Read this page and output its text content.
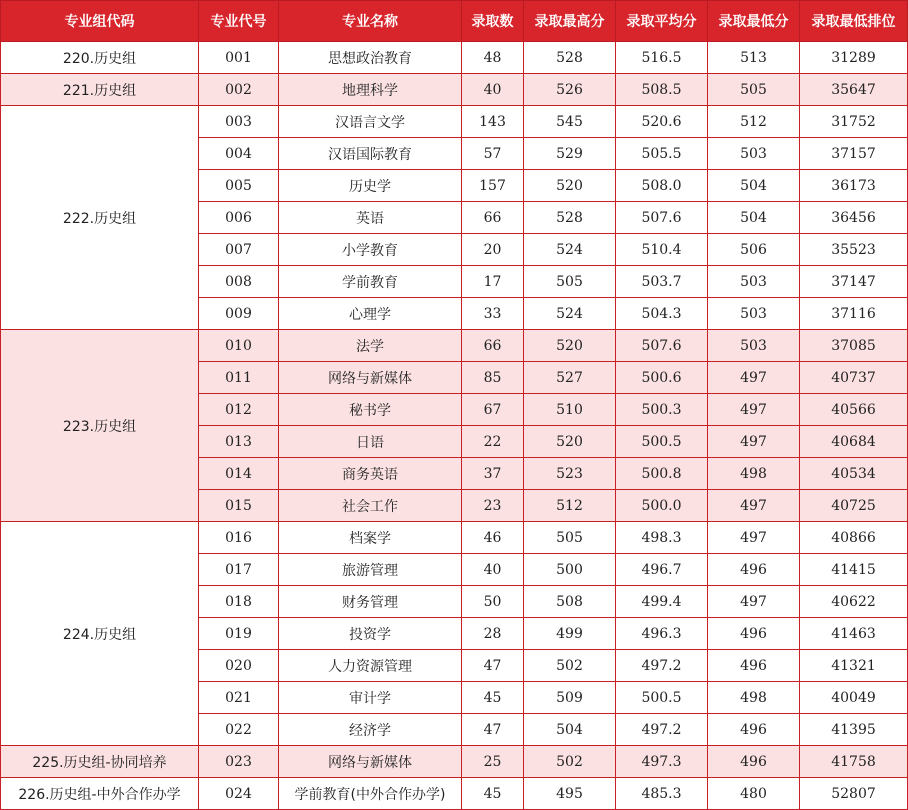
专业组代码	专业代号	专业名称	录取数	录取最高分	录取平均分	录取最低分	录取最低排位
220.历史组	001	思想政治教育	48	528	516.5	513	31289
221.历史组	002	地理科学	40	526	508.5	505	35647
222.历史组	003	汉语言文学	143	545	520.6	512	31752
	004	汉语国际教育	57	529	505.5	503	37157
	005	历史学	157	520	508.0	504	36173
	006	英语	66	528	507.6	504	36456
	007	小学教育	20	524	510.4	506	35523
	008	学前教育	17	505	503.7	503	37147
	009	心理学	33	524	504.3	503	37116
223.历史组	010	法学	66	520	507.6	503	37085
	011	网络与新媒体	85	527	500.6	497	40737
	012	秘书学	67	510	500.3	497	40566
	013	日语	22	520	500.5	497	40684
	014	商务英语	37	523	500.8	498	40534
	015	社会工作	23	512	500.0	497	40725
224.历史组	016	档案学	46	505	498.3	497	40866
	017	旅游管理	40	500	496.7	496	41415
	018	财务管理	50	508	499.4	497	40622
	019	投资学	28	499	496.3	496	41463
	020	人力资源管理	47	502	497.2	496	41321
	021	审计学	45	509	500.5	498	40049
	022	经济学	47	504	497.2	496	41395
225.历史组-协同培养	023	网络与新媒体	25	502	497.3	496	41758
226.历史组-中外合作办学	024	学前教育(中外合作办学)	45	495	485.3	480	52807
